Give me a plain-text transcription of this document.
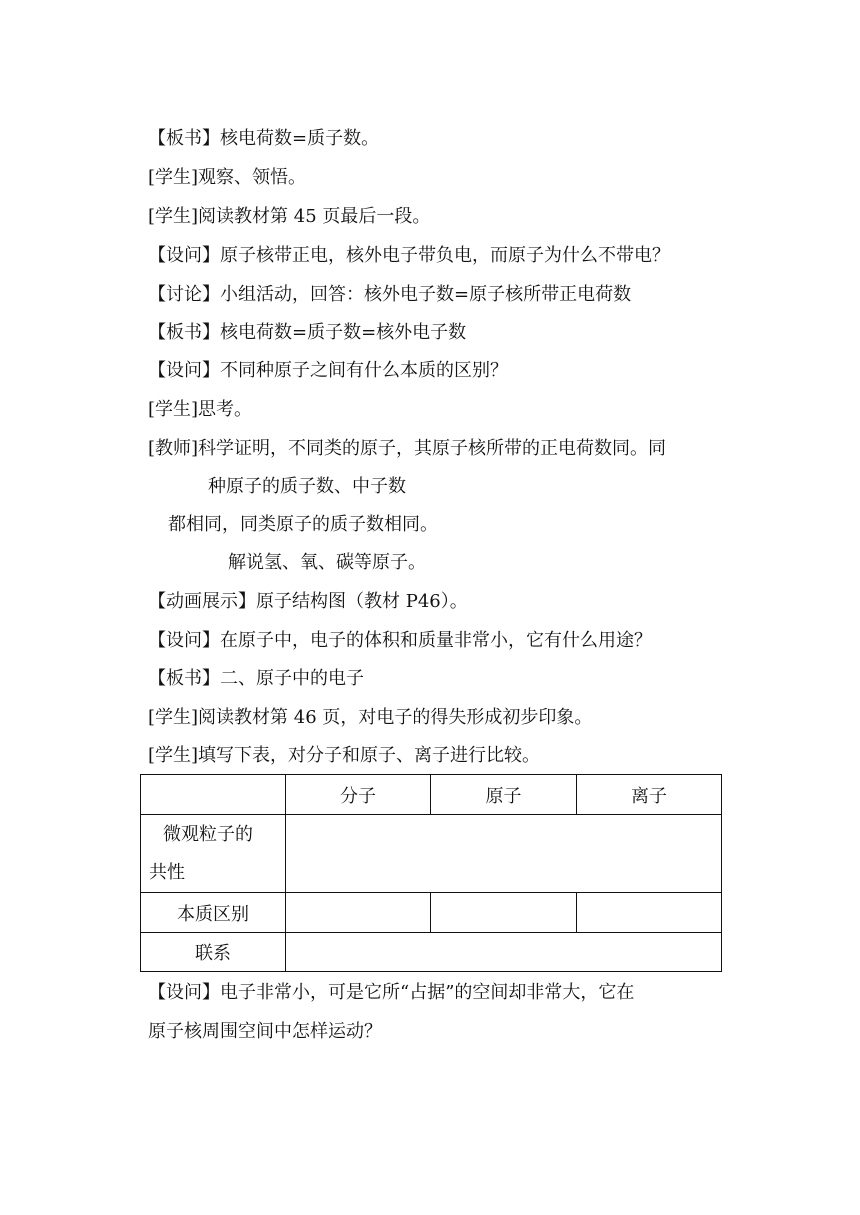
【板书】核电荷数=质子数。
[学生]观察、领悟。
[学生]阅读教材第 45 页最后一段。
【设问】原子核带正电，核外电子带负电，而原子为什么不带电？
【讨论】小组活动，回答：核外电子数=原子核所带正电荷数
【板书】核电荷数=质子数=核外电子数
【设问】不同种原子之间有什么本质的区别？
[学生]思考。
[教师]科学证明，不同类的原子，其原子核所带的正电荷数同。同
种原子的质子数、中子数
都相同，同类原子的质子数相同。
解说氢、氧、碳等原子。
【动画展示】原子结构图（教材 P46）。
【设问】在原子中，电子的体积和质量非常小，它有什么用途？
【板书】二、原子中的电子
[学生]阅读教材第 46 页，对电子的得失形成初步印象。
[学生]填写下表，对分子和原子、离子进行比较。
	分子	原子	离子

微观粒子的
共性			

本质区别			
联系			
【设问】电子非常小，可是它所“占据”的空间却非常大，它在
原子核周围空间中怎样运动？
